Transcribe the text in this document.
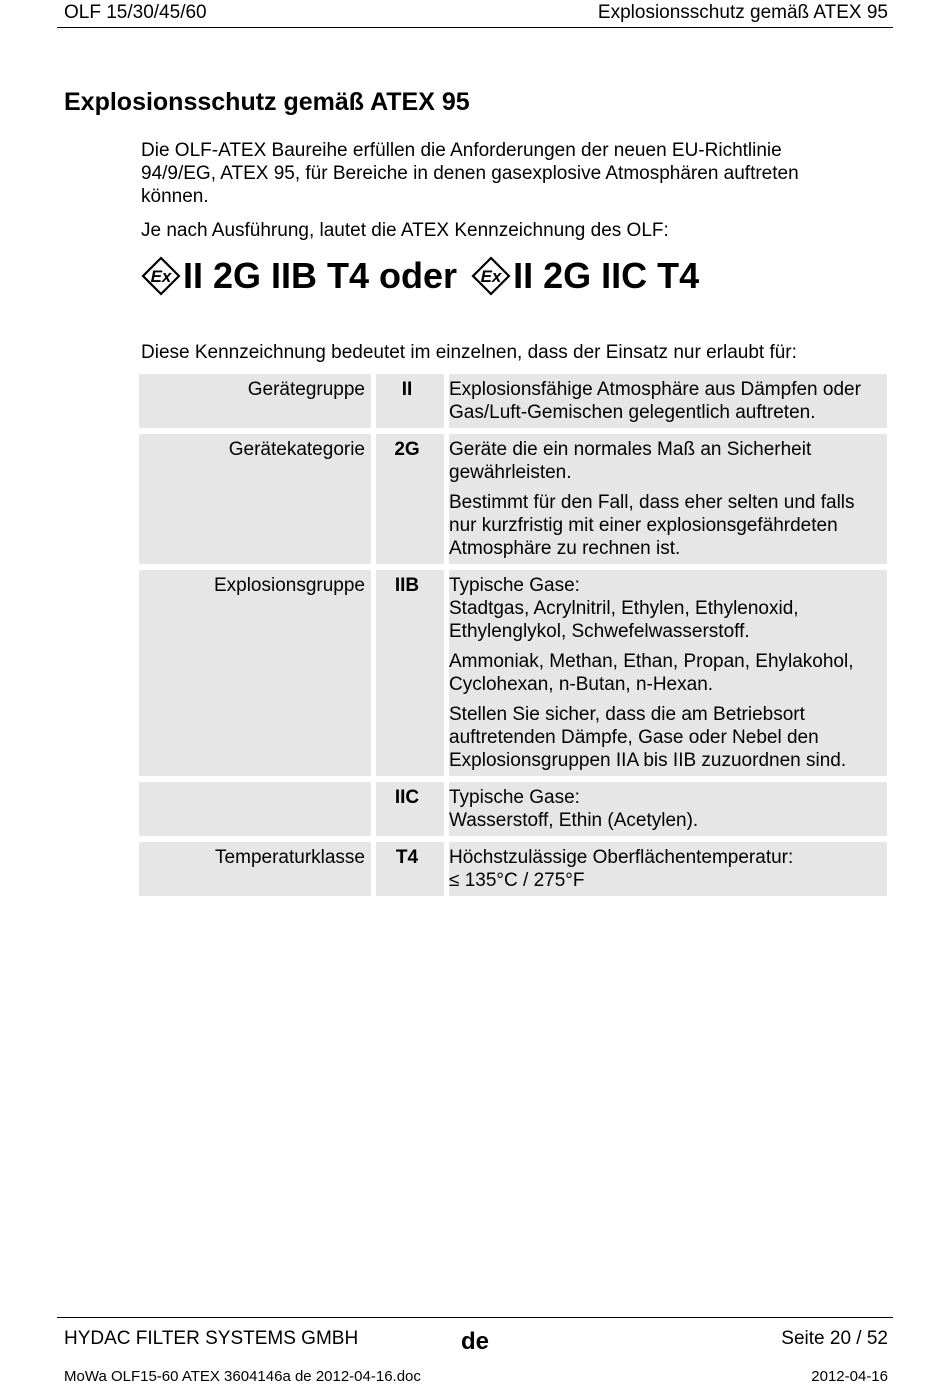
OLF 15/30/45/60	Explosionsschutz gemäß ATEX 95
Explosionsschutz gemäß ATEX 95

Die OLF-ATEX Baureihe erfüllen die Anforderungen der neuen EU-Richtlinie 94/9/EG, ATEX 95, für Bereiche in denen gasexplosive Atmosphären auftreten können.

Je nach Ausführung, lautet die ATEX Kennzeichnung des OLF:

Ex II 2G IIB T4 oder Ex II 2G IIC T4

Diese Kennzeichnung bedeutet im einzelnen, dass der Einsatz nur erlaubt für:

Gerätegruppe	II	Explosionsfähige Atmosphäre aus Dämpfen oder Gas/Luft-Gemischen gelegentlich auftreten.

Gerätekategorie	2G	Geräte die ein normales Maß an Sicherheit gewährleisten.

Bestimmt für den Fall, dass eher selten und falls nur kurzfristig mit einer explosionsgefährdeten Atmosphäre zu rechnen ist.

Explosionsgruppe	IIB	Typische Gase:
Stadtgas, Acrylnitril, Ethylen, Ethylenoxid, Ethylenglykol, Schwefelwasserstoff.

Ammoniak, Methan, Ethan, Propan, Ehylakohol, Cyclohexan, n-Butan, n-Hexan.

Stellen Sie sicher, dass die am Betriebsort auftretenden Dämpfe, Gase oder Nebel den Explosionsgruppen IIA bis IIB zuzuordnen sind.

	IIC	Typische Gase:
Wasserstoff, Ethin (Acetylen).

Temperaturklasse	T4	Höchstzulässige Oberflächentemperatur:
≤ 135°C / 275°F

HYDAC FILTER SYSTEMS GMBH	de	Seite 20 / 52
MoWa OLF15-60 ATEX 3604146a de 2012-04-16.doc	2012-04-16
